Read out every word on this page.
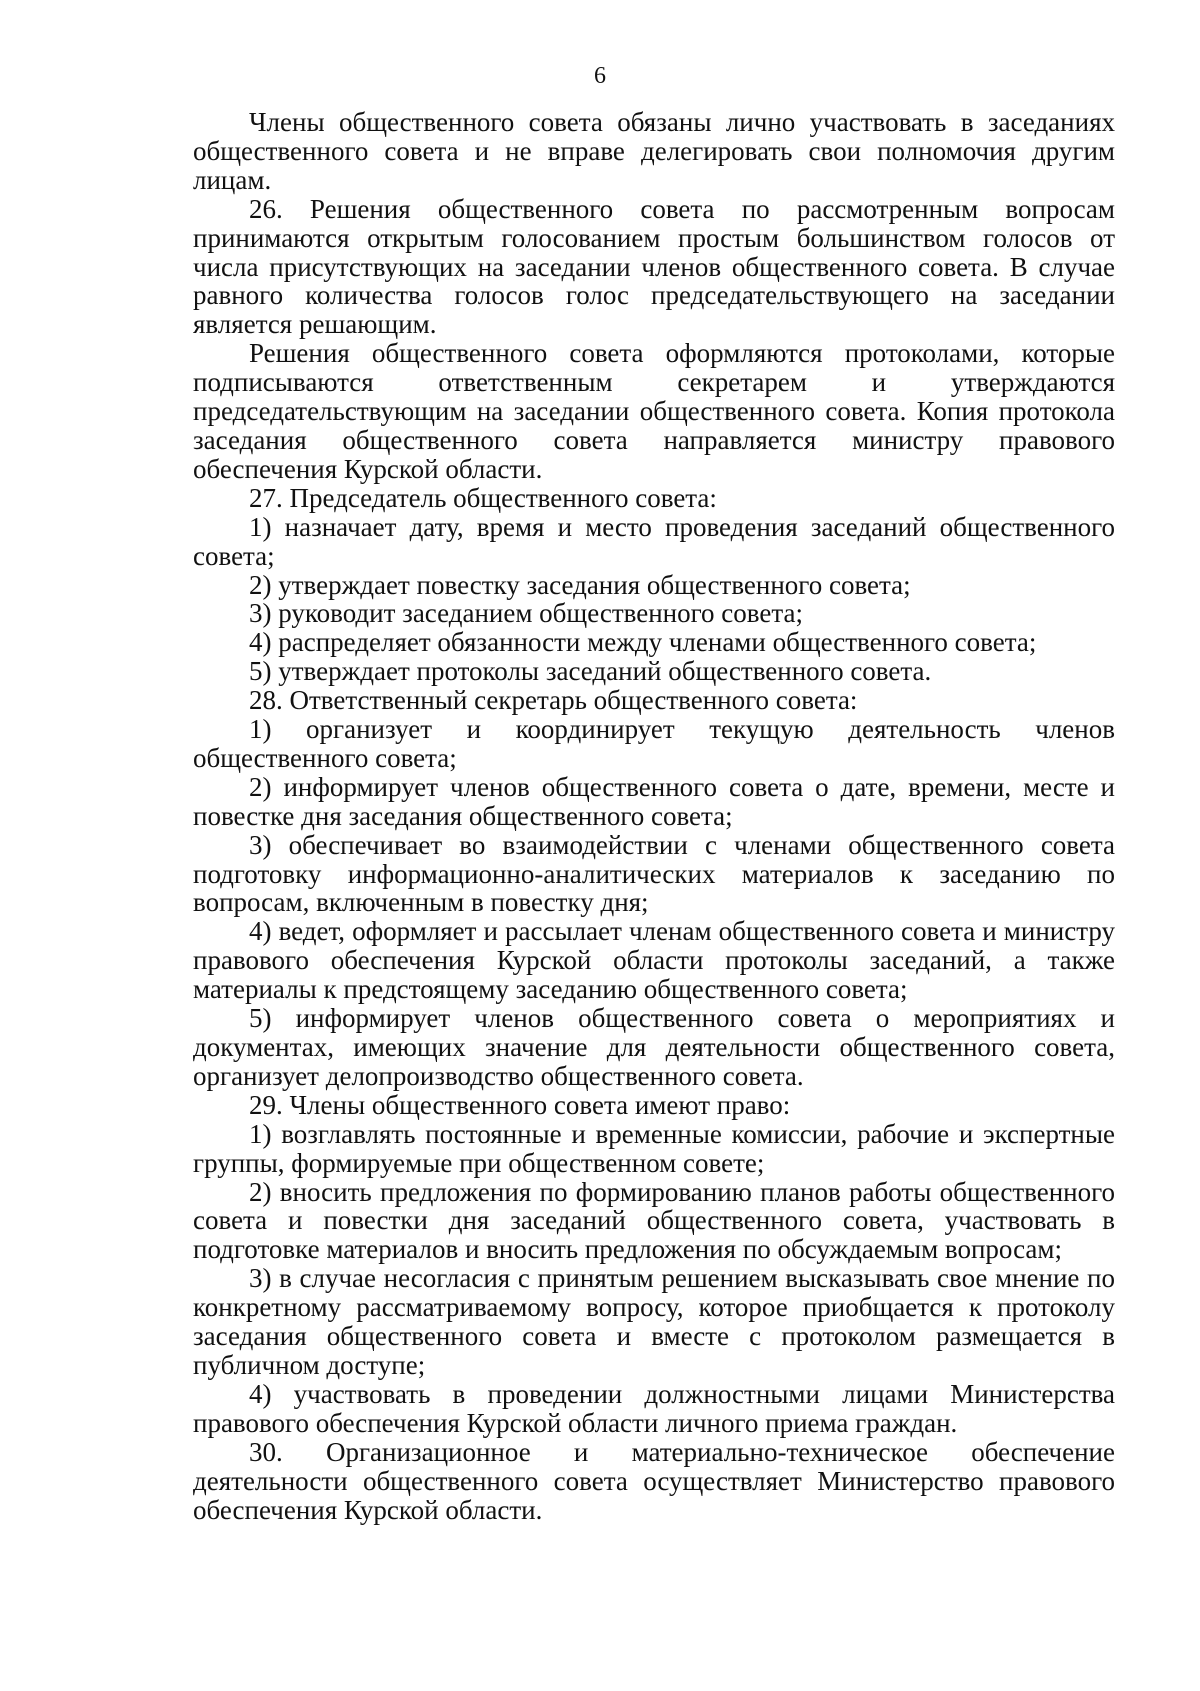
6

Члены общественного совета обязаны лично участвовать в заседаниях общественного совета и не вправе делегировать свои полномочия другим лицам.

26. Решения общественного совета по рассмотренным вопросам принимаются открытым голосованием простым большинством голосов от числа присутствующих на заседании членов общественного совета. В случае равного количества голосов голос председательствующего на заседании является решающим.

Решения общественного совета оформляются протоколами, которые подписываются ответственным секретарем и утверждаются председательствующим на заседании общественного совета. Копия протокола заседания общественного совета направляется министру правового обеспечения Курской области.

27. Председатель общественного совета:

1) назначает дату, время и место проведения заседаний общественного совета;

2) утверждает повестку заседания общественного совета;

3) руководит заседанием общественного совета;

4) распределяет обязанности между членами общественного совета;

5) утверждает протоколы заседаний общественного совета.

28. Ответственный секретарь общественного совета:

1) организует и координирует текущую деятельность членов общественного совета;

2) информирует членов общественного совета о дате, времени, месте и повестке дня заседания общественного совета;

3) обеспечивает во взаимодействии с членами общественного совета подготовку информационно-аналитических материалов к заседанию по вопросам, включенным в повестку дня;

4) ведет, оформляет и рассылает членам общественного совета и министру правового обеспечения Курской области протоколы заседаний, а также материалы к предстоящему заседанию общественного совета;

5) информирует членов общественного совета о мероприятиях и документах, имеющих значение для деятельности общественного совета, организует делопроизводство общественного совета.

29. Члены общественного совета имеют право:

1) возглавлять постоянные и временные комиссии, рабочие и экспертные группы, формируемые при общественном совете;

2) вносить предложения по формированию планов работы общественного совета и повестки дня заседаний общественного совета, участвовать в подготовке материалов и вносить предложения по обсуждаемым вопросам;

3) в случае несогласия с принятым решением высказывать свое мнение по конкретному рассматриваемому вопросу, которое приобщается к протоколу заседания общественного совета и вместе с протоколом размещается в публичном доступе;

4) участвовать в проведении должностными лицами Министерства правового обеспечения Курской области личного приема граждан.

30. Организационное и материально-техническое обеспечение деятельности общественного совета осуществляет Министерство правового обеспечения Курской области.
